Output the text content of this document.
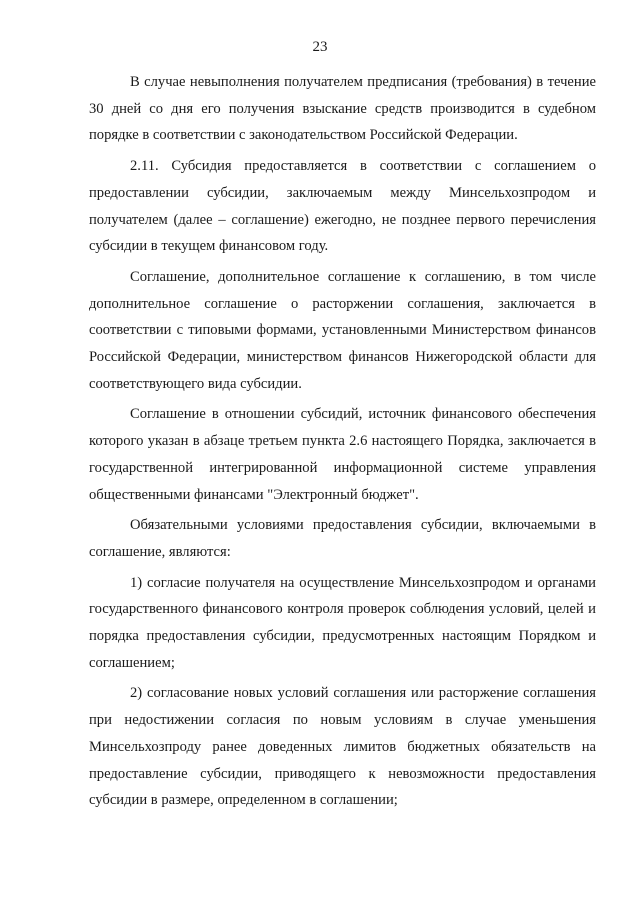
23

В случае невыполнения получателем предписания (требования) в течение 30 дней со дня его получения взыскание средств производится в судебном порядке в соответствии с законодательством Российской Федерации.

2.11. Субсидия предоставляется в соответствии с соглашением о предоставлении субсидии, заключаемым между Минсельхозпродом и получателем (далее – соглашение) ежегодно, не позднее первого перечисления субсидии в текущем финансовом году.

Соглашение, дополнительное соглашение к соглашению, в том числе дополнительное соглашение о расторжении соглашения, заключается в соответствии с типовыми формами, установленными Министерством финансов Российской Федерации, министерством финансов Нижегородской области для соответствующего вида субсидии.

Соглашение в отношении субсидий, источник финансового обеспечения которого указан в абзаце третьем пункта 2.6 настоящего Порядка, заключается в государственной интегрированной информационной системе управления общественными финансами "Электронный бюджет".

Обязательными условиями предоставления субсидии, включаемыми в соглашение, являются:

1) согласие получателя на осуществление Минсельхозпродом и органами государственного финансового контроля проверок соблюдения условий, целей и порядка предоставления субсидии, предусмотренных настоящим Порядком и соглашением;

2) согласование новых условий соглашения или расторжение соглашения при недостижении согласия по новым условиям в случае уменьшения Минсельхозпроду ранее доведенных лимитов бюджетных обязательств на предоставление субсидии, приводящего к невозможности предоставления субсидии в размере, определенном в соглашении;
